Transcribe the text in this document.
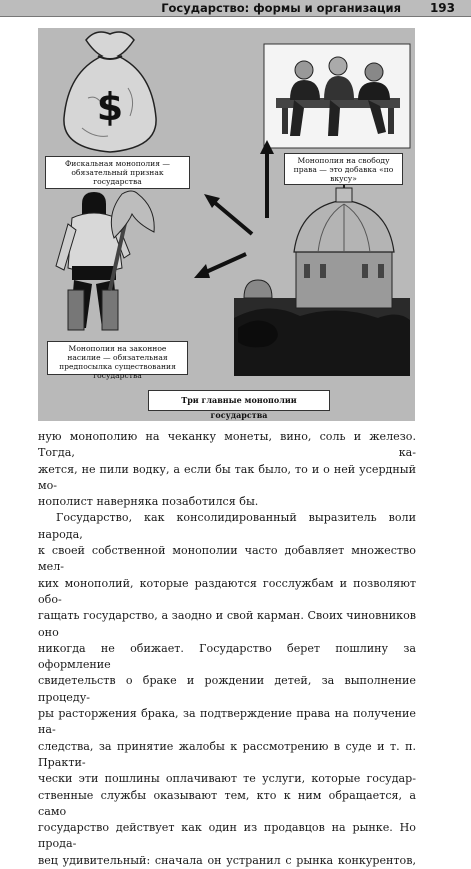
Государство: формы и организация 193
$
Фискальная монополия — обязательный признак государства
Монополия на свободу права — это добавка «по вкусу»
Монополия на законное насилие — обязательная предпосылка существования государства
Три главные монополии государства

ную монополию на чеканку монеты, вино, соль и железо. Тогда, ка-

жется, не пили водку, а если бы так было, то и о ней усердный мо-

нополист наверняка позаботился бы.

Государство, как консолидированный выразитель воли народа,

к своей собственной монополии часто добавляет множество мел-

ких монополий, которые раздаются госслужбам и позволяют обо-

гащать государство, а заодно и свой карман. Своих чиновников оно

никогда не обижает. Государство берет пошлину за оформление

свидетельств о браке и рождении детей, за выполнение процеду-

ры расторжения брака, за подтверждение права на получение на-

следства, за принятие жалобы к рассмотрению в суде и т. п. Практи-

чески эти пошлины оплачивают те услуги, которые государ-

ственные службы оказывают тем, кто к ним обращается, а само

государство действует как один из продавцов на рынке. Но прода-

вец удивительный: сначала он устранил с рынка конкурентов,
